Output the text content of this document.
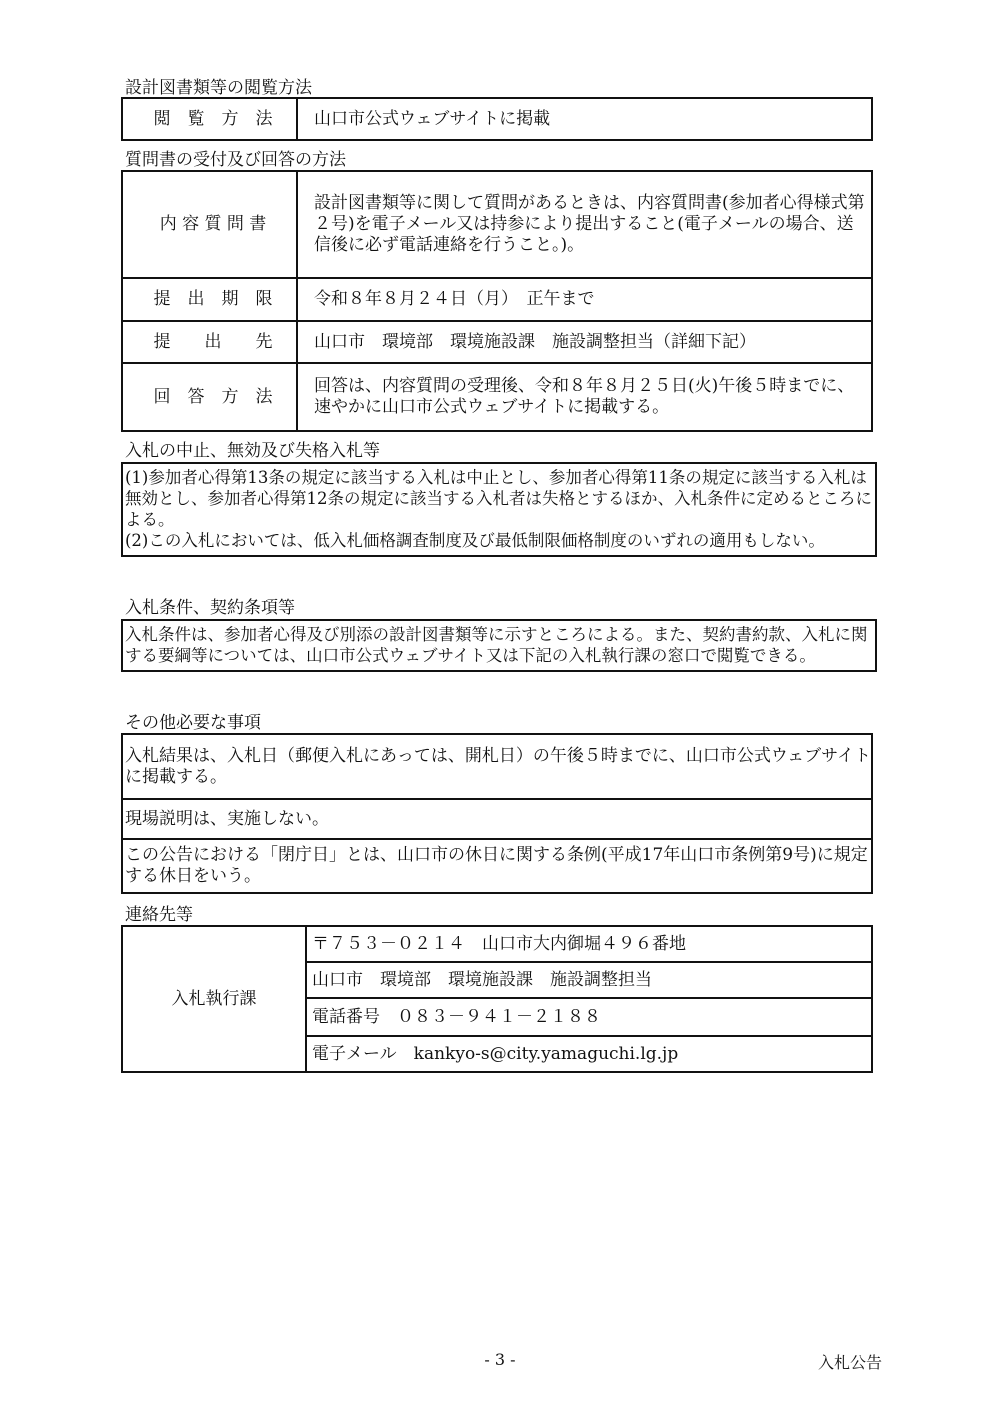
設計図書類等の閲覧方法
閲　覧　方　法	山口市公式ウェブサイトに掲載
質問書の受付及び回答の方法
内 容 質 問 書	設計図書類等に関して質問があるときは、内容質問書(参加者心得様式第２号)を電子メール又は持参により提出すること(電子メールの場合、送信後に必ず電話連絡を行うこと。)。

提　出　期　限	令和８年８月２４日（月）　正午まで

提　　出　　先	山口市　環境部　環境施設課　施設調整担当（詳細下記）

回　答　方　法	回答は、内容質問の受理後、令和８年８月２５日(火)午後５時までに、速やかに山口市公式ウェブサイトに掲載する。
入札の中止、無効及び失格入札等
(1)参加者心得第13条の規定に該当する入札は中止とし、参加者心得第11条の規定に該当する入札は無効とし、参加者心得第12条の規定に該当する入札者は失格とするほか、入札条件に定めるところによる。
(2)この入札においては、低入札価格調査制度及び最低制限価格制度のいずれの適用もしない。
入札条件、契約条項等
入札条件は、参加者心得及び別添の設計図書類等に示すところによる。また、契約書約款、入札に関する要綱等については、山口市公式ウェブサイト又は下記の入札執行課の窓口で閲覧できる。
その他必要な事項
入札結果は、入札日（郵便入札にあっては、開札日）の午後５時までに、山口市公式ウェブサイトに掲載する。
現場説明は、実施しない。
この公告における「閉庁日」とは、山口市の休日に関する条例(平成17年山口市条例第9号)に規定する休日をいう。
連絡先等
入札執行課	〒７５３－０２１４　山口市大内御堀４９６番地
山口市　環境部　環境施設課　施設調整担当
電話番号　０８３－９４１－２１８８
電子メール　kankyo-s@city.yamaguchi.lg.jp
- 3 -	入札公告
